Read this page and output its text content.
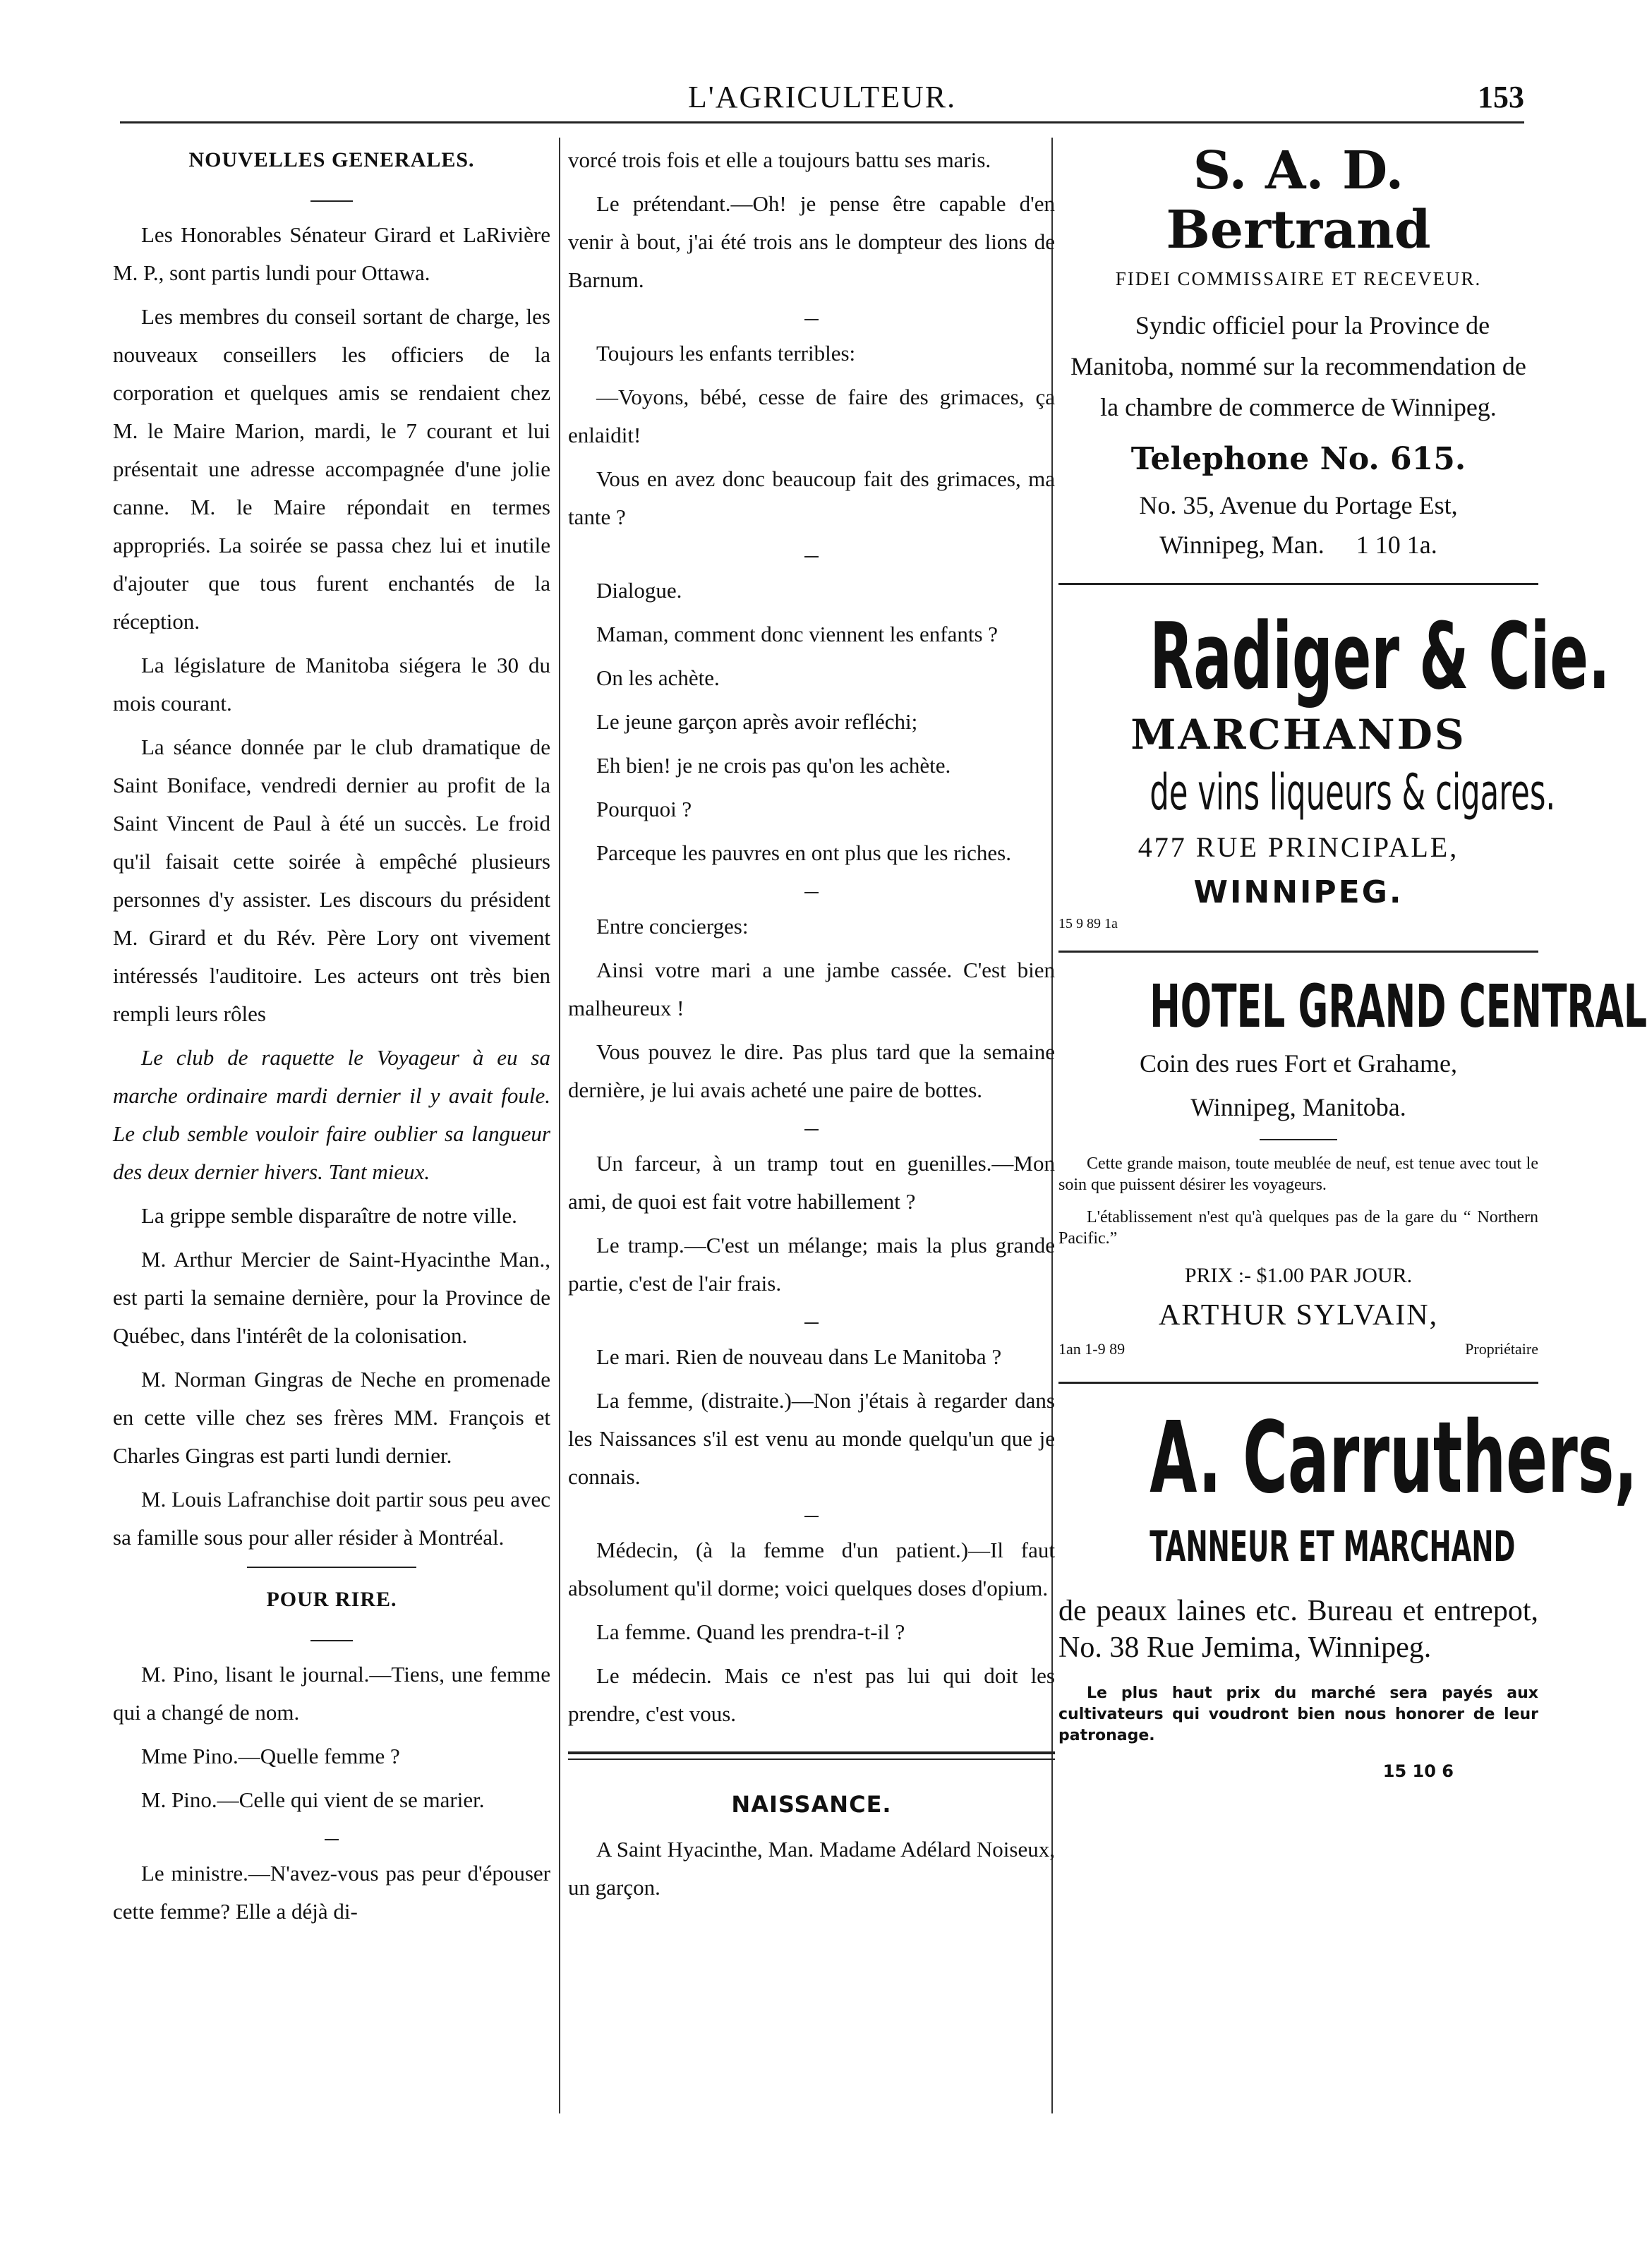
L'AGRICULTEUR.	153
NOUVELLES GENERALES.

Les Honorables Sénateur Girard et LaRivière M. P., sont partis lundi pour Ottawa.

Les membres du conseil sortant de charge, les nouveaux conseillers les officiers de la corporation et quelques amis se rendaient chez M. le Maire Marion, mardi, le 7 courant et lui présentait une adresse accompagnée d'une jolie canne. M. le Maire répondait en termes appropriés. La soirée se passa chez lui et inutile d'ajouter que tous furent enchantés de la réception.

La législature de Manitoba siégera le 30 du mois courant.

La séance donnée par le club dramatique de Saint Boniface, vendredi dernier au profit de la Saint Vincent de Paul à été un succès. Le froid qu'il faisait cette soirée à empêché plusieurs personnes d'y assister. Les discours du président M. Girard et du Rév. Père Lory ont vivement intéressés l'auditoire. Les acteurs ont très bien rempli leurs rôles

Le club de raquette le Voyageur à eu sa marche ordinaire mardi dernier il y avait foule. Le club semble vouloir faire oublier sa langueur des deux dernier hivers. Tant mieux.

La grippe semble disparaître de notre ville.

M. Arthur Mercier de Saint-Hyacinthe Man., est parti la semaine dernière, pour la Province de Québec, dans l'intérêt de la colonisation.

M. Norman Gingras de Neche en promenade en cette ville chez ses frères MM. François et Charles Gingras est parti lundi dernier.

M. Louis Lafranchise doit partir sous peu avec sa famille sous pour aller résider à Montréal.

POUR RIRE.

M. Pino, lisant le journal.—Tiens, une femme qui a changé de nom.

Mme Pino.—Quelle femme ?

M. Pino.—Celle qui vient de se marier.

Le ministre.—N'avez-vous pas peur d'épouser cette femme? Elle a déjà di-

vorcé trois fois et elle a toujours battu ses maris.

Le prétendant.—Oh! je pense être capable d'en venir à bout, j'ai été trois ans le dompteur des lions de Barnum.

Toujours les enfants terribles:

—Voyons, bébé, cesse de faire des grimaces, ça enlaidit!

Vous en avez donc beaucoup fait des grimaces, ma tante ?

Dialogue.

Maman, comment donc viennent les enfants ?

On les achète.

Le jeune garçon après avoir refléchi;

Eh bien! je ne crois pas qu'on les achète.

Pourquoi ?

Parceque les pauvres en ont plus que les riches.

Entre concierges:

Ainsi votre mari a une jambe cassée. C'est bien malheureux !

Vous pouvez le dire. Pas plus tard que la semaine dernière, je lui avais acheté une paire de bottes.

Un farceur, à un tramp tout en guenilles.—Mon ami, de quoi est fait votre habillement ?

Le tramp.—C'est un mélange; mais la plus grande partie, c'est de l'air frais.

Le mari. Rien de nouveau dans Le Manitoba ?

La femme, (distraite.)—Non j'étais à regarder dans les Naissances s'il est venu au monde quelqu'un que je connais.

Médecin, (à la femme d'un patient.)—Il faut absolument qu'il dorme; voici quelques doses d'opium.

La femme. Quand les prendra-t-il ?

Le médecin. Mais ce n'est pas lui qui doit les prendre, c'est vous.

NAISSANCE.

A Saint Hyacinthe, Man. Madame Adélard Noiseux, un garçon.

S. A. D. Bertrand
FIDEI COMMISSAIRE ET RECEVEUR.

Syndic officiel pour la Province de Manitoba, nommé sur la recommendation de la chambre de commerce de Winnipeg.

Telephone No. 615.
No. 35, Avenue du Portage Est,
Winnipeg, Man. 1 10 1a.
Radiger & Cie.
MARCHANDS
de vins liqueurs & cigares.
477 RUE PRINCIPALE,
WINNIPEG.
15 9 89 1a
HOTEL GRAND CENTRAL
Coin des rues Fort et Grahame,
Winnipeg, Manitoba.

Cette grande maison, toute meublée de neuf, est tenue avec tout le soin que puissent désirer les voyageurs.

L'établissement n'est qu'à quelques pas de la gare du “ Northern Pacific.”

PRIX :- $1.00 PAR JOUR.
ARTHUR SYLVAIN,
1an 1-9 89	Propriétaire
A. Carruthers,
TANNEUR ET MARCHAND

de peaux laines etc. Bureau et entrepot, No. 38 Rue Jemima, Winnipeg.

Le plus haut prix du marché sera payés aux cultivateurs qui voudront bien nous honorer de leur patronage.

15 10 6
